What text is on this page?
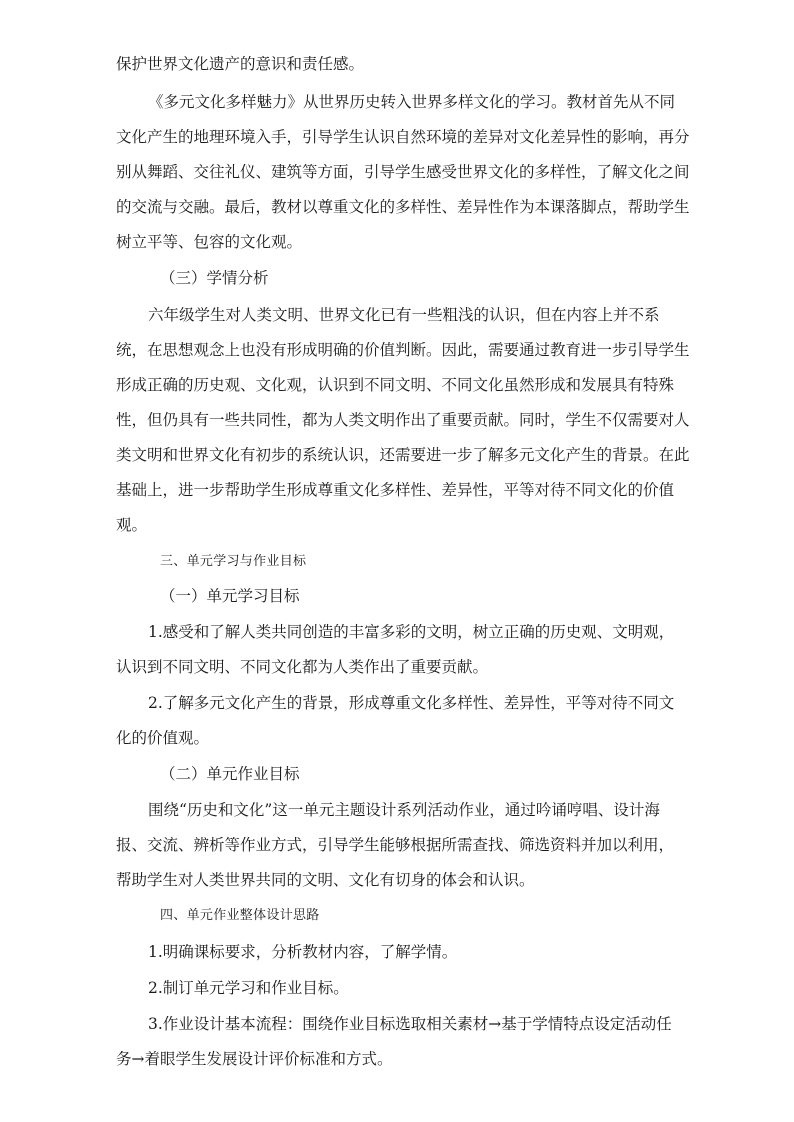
保护世界文化遗产的意识和责任感。
《多元文化多样魅力》从世界历史转入世界多样文化的学习。教材首先从不同
文化产生的地理环境入手，引导学生认识自然环境的差异对文化差异性的影响，再分
别从舞蹈、交往礼仪、建筑等方面，引导学生感受世界文化的多样性，了解文化之间
的交流与交融。最后，教材以尊重文化的多样性、差异性作为本课落脚点，帮助学生
树立平等、包容的文化观。
（三）学情分析
六年级学生对人类文明、世界文化已有一些粗浅的认识，但在内容上并不系
统，在思想观念上也没有形成明确的价值判断。因此，需要通过教育进一步引导学生
形成正确的历史观、文化观，认识到不同文明、不同文化虽然形成和发展具有特殊
性，但仍具有一些共同性，都为人类文明作出了重要贡献。同时，学生不仅需要对人
类文明和世界文化有初步的系统认识，还需要进一步了解多元文化产生的背景。在此
基础上，进一步帮助学生形成尊重文化多样性、差异性，平等对待不同文化的价值
观。
三、单元学习与作业目标
（一）单元学习目标
1.感受和了解人类共同创造的丰富多彩的文明，树立正确的历史观、文明观，
认识到不同文明、不同文化都为人类作出了重要贡献。
2.了解多元文化产生的背景，形成尊重文化多样性、差异性，平等对待不同文
化的价值观。
（二）单元作业目标
围绕“历史和文化”这一单元主题设计系列活动作业，通过吟诵哼唱、设计海
报、交流、辨析等作业方式，引导学生能够根据所需查找、筛选资料并加以利用，
帮助学生对人类世界共同的文明、文化有切身的体会和认识。
四、单元作业整体设计思路
1.明确课标要求，分析教材内容，了解学情。
2.制订单元学习和作业目标。
3.作业设计基本流程：围绕作业目标选取相关素材→基于学情特点设定活动任
务→着眼学生发展设计评价标准和方式。
